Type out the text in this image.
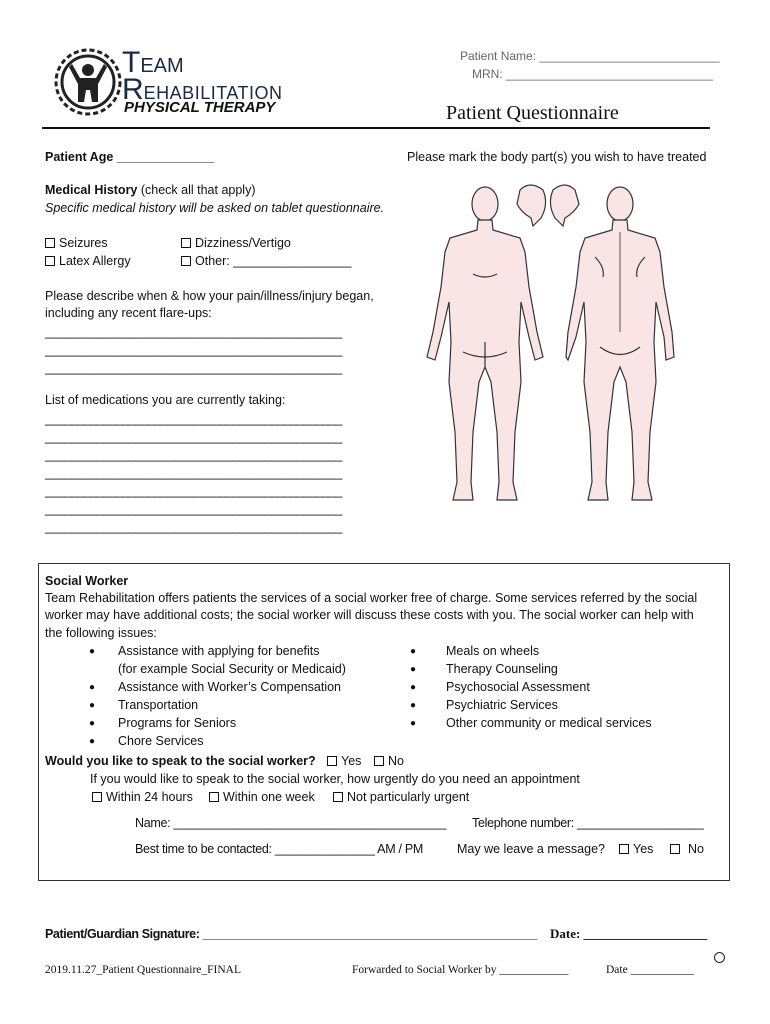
TEAM
REHABILITATION
PHYSICAL THERAPY
Patient Name: ___________________________
MRN: _______________________________
Patient Questionnaire
Patient Age ______________
Medical History (check all that apply)
Specific medical history will be asked on tablet questionnaire.
Seizures	Dizziness/Vertigo
Latex Allergy	Other: _________________
Please describe when & how your pain/illness/injury began,
including any recent flare-ups:
______________________________________________
______________________________________________
______________________________________________
List of medications you are currently taking:
______________________________________________
______________________________________________
______________________________________________
______________________________________________
______________________________________________
______________________________________________
______________________________________________
Please mark the body part(s) you wish to have treated
Social Worker
Team Rehabilitation offers patients the services of a social worker free of charge. Some services referred by the social
worker may have additional costs; the social worker will discuss these costs with you. The social worker can help with
the following issues:
● Assistance with applying for benefits
(for example Social Security or Medicaid)
● Assistance with Worker’s Compensation
● Transportation
● Programs for Seniors
● Chore Services
● Meals on wheels
● Therapy Counseling
● Psychosocial Assessment
● Psychiatric Services
● Other community or medical services
Would you like to speak to the social worker?	Yes	No
If you would like to speak to the social worker, how urgently do you need an appointment
Within 24 hours	Within one week	Not particularly urgent
Name: _________________________________________ Telephone number: ___________________
Best time to be contacted: _______________ AM / PM	May we leave a message?	Yes	No
Patient/Guardian Signature: ___________________________________________________ Date: ___________________
2019.11.27_Patient Questionnaire_FINAL	Forwarded to Social Worker by ____________	Date ___________
